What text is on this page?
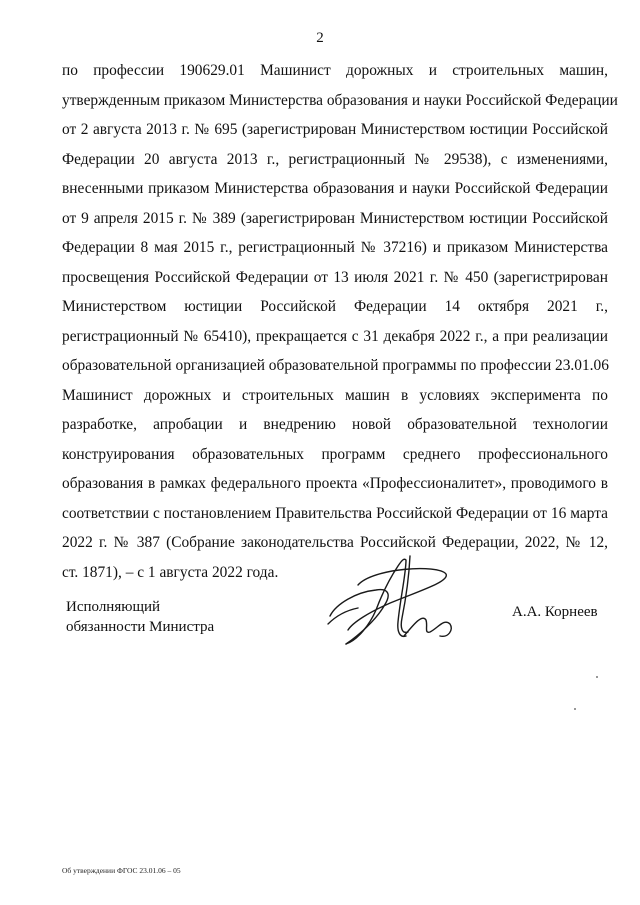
2
по профессии 190629.01 Машинист дорожных и строительных машин,
утвержденным приказом Министерства образования и науки Российской Федерации
от 2 августа 2013 г. № 695 (зарегистрирован Министерством юстиции Российской
Федерации 20 августа 2013 г., регистрационный № 29538), с изменениями,
внесенными приказом Министерства образования и науки Российской Федерации
от 9 апреля 2015 г. № 389 (зарегистрирован Министерством юстиции Российской
Федерации 8 мая 2015 г., регистрационный № 37216) и приказом Министерства
просвещения Российской Федерации от 13 июля 2021 г. № 450 (зарегистрирован
Министерством юстиции Российской Федерации 14 октября 2021 г.,
регистрационный № 65410), прекращается с 31 декабря 2022 г., а при реализации
образовательной организацией образовательной программы по профессии 23.01.06
Машинист дорожных и строительных машин в условиях эксперимента по
разработке, апробации и внедрению новой образовательной технологии
конструирования образовательных программ среднего профессионального
образования в рамках федерального проекта «Профессионалитет», проводимого в
соответствии с постановлением Правительства Российской Федерации от 16 марта
2022 г. № 387 (Собрание законодательства Российской Федерации, 2022, № 12,
ст. 1871), – с 1 августа 2022 года.
Исполняющий
обязанности Министра
А.А. Корнеев
Об утверждении ФГОС 23.01.06 – 05
